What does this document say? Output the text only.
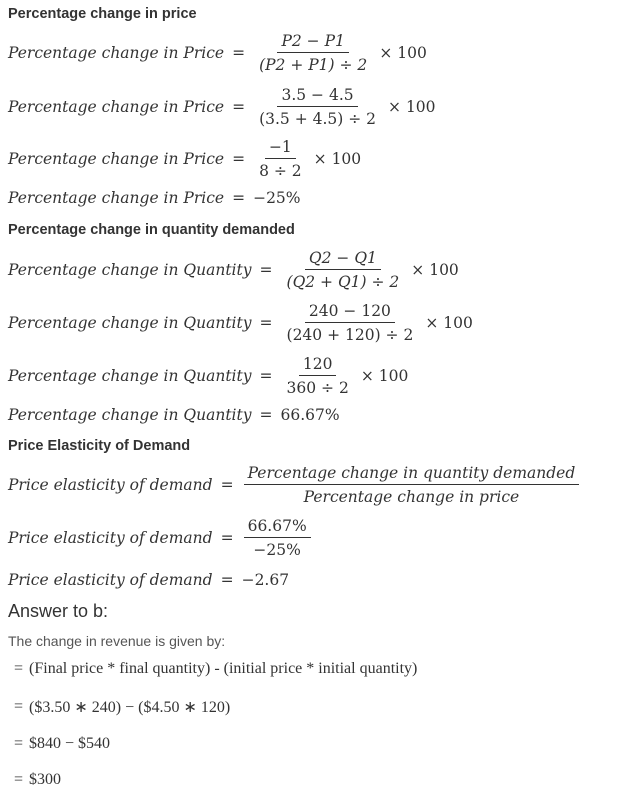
Percentage change in price
Percentage change in Price = $\frac{P2 - P1}{(P2 + P1) \div 2} \times 100$
Percentage change in Price = $\frac{3.5 - 4.5}{(3.5 + 4.5) \div 2} \times 100$
Percentage change in Price = $\frac{-1}{8 \div 2} \times 100$
Percentage change in Price = −25%
Percentage change in quantity demanded
Percentage change in Quantity = $\frac{Q2 - Q1}{(Q2 + Q1) \div 2} \times 100$
Percentage change in Quantity = $\frac{240 - 120}{(240 + 120) \div 2} \times 100$
Percentage change in Quantity = $\frac{120}{360 \div 2} \times 100$
Percentage change in Quantity = 66.67%
Price Elasticity of Demand
Price elasticity of demand = $\frac{\text{Percentage change in quantity demanded}}{\text{Percentage change in price}}$
Price elasticity of demand = $\frac{66.67\%}{-25\%}$
Price elasticity of demand = −2.67
Answer to b:
The change in revenue is given by:
= (Final price * final quantity) - (initial price * initial quantity)
= ($3.50 ∗ 240) − ($4.50 ∗ 120)
= $840 − $540
= $300
